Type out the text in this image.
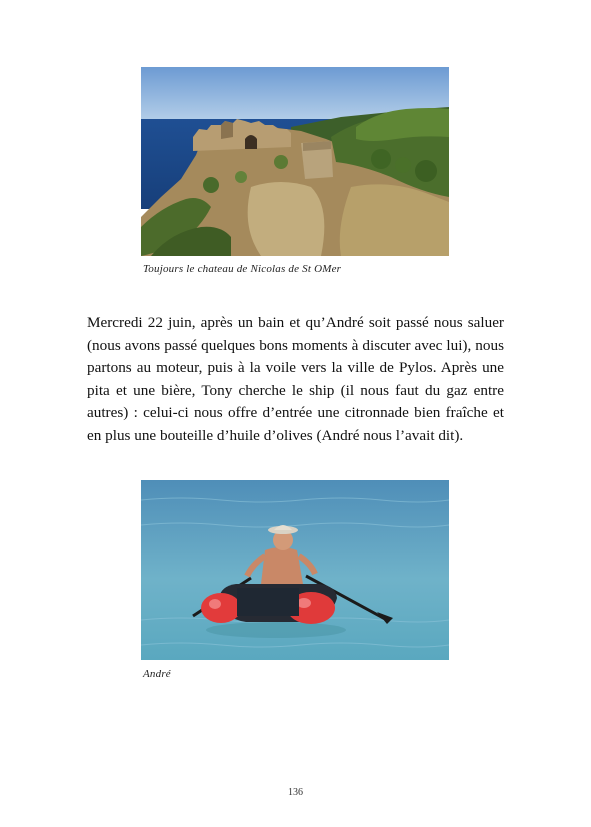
Toujours le chateau de Nicolas de St OMer

Mercredi 22 juin, après un bain et qu’André soit passé nous saluer (nous avons passé quelques bons moments à discuter avec lui), nous partons au moteur, puis à la voile vers la ville de Pylos. Après une pita et une bière, Tony cherche le ship (il nous faut du gaz entre autres) : celui-ci nous offre d’entrée une citronnade bien fraîche et en plus une bouteille d’huile d’olives (André nous l’avait dit).

André
136
